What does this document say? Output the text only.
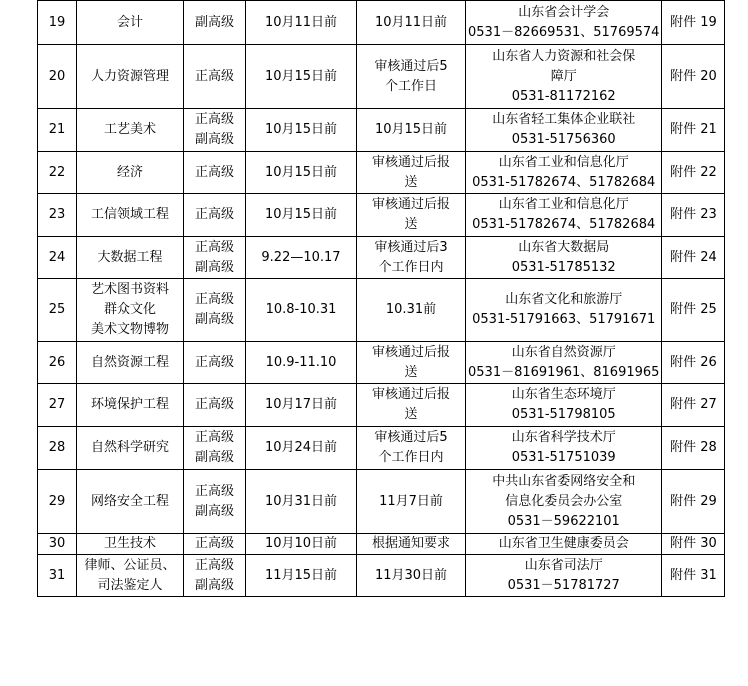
19	会计	副高级	10月11日前	10月11日前	山东省会计学会
0531－82669531、51769574	附件 19
20	人力资源管理	正高级	10月15日前	审核通过后5
个工作日	山东省人力资源和社会保
障厅
0531-81172162	附件 20
21	工艺美术	正高级
副高级	10月15日前	10月15日前	山东省轻工集体企业联社
0531-51756360	附件 21
22	经济	正高级	10月15日前	审核通过后报
送	山东省工业和信息化厅
0531-51782674、51782684	附件 22
23	工信领域工程	正高级	10月15日前	审核通过后报
送	山东省工业和信息化厅
0531-51782674、51782684	附件 23
24	大数据工程	正高级
副高级	9.22—10.17	审核通过后3
个工作日内	山东省大数据局
0531-51785132	附件 24
25	艺术图书资料
群众文化
美术文物博物	正高级
副高级	10.8-10.31	10.31前	山东省文化和旅游厅
0531-51791663、51791671	附件 25
26	自然资源工程	正高级	10.9-11.10	审核通过后报
送	山东省自然资源厅
0531－81691961、81691965	附件 26
27	环境保护工程	正高级	10月17日前	审核通过后报
送	山东省生态环境厅
0531-51798105	附件 27
28	自然科学研究	正高级
副高级	10月24日前	审核通过后5
个工作日内	山东省科学技术厅
0531-51751039	附件 28
29	网络安全工程	正高级
副高级	10月31日前	11月7日前	中共山东省委网络安全和
信息化委员会办公室
0531－59622101	附件 29
30	卫生技术	正高级	10月10日前	根据通知要求	山东省卫生健康委员会	附件 30
31	律师、公证员、
司法鉴定人	正高级
副高级	11月15日前	11月30日前	山东省司法厅
0531－51781727	附件 31
